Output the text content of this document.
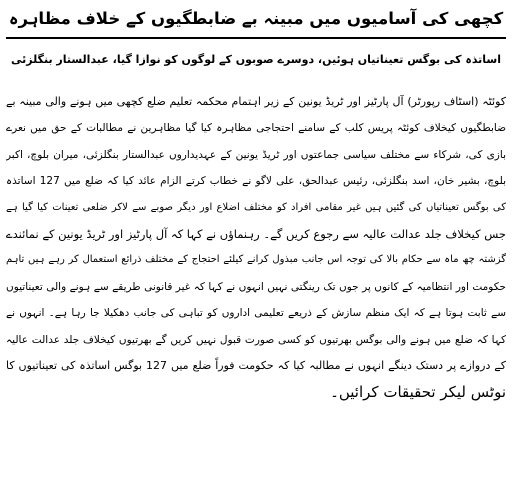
کچھی کی آسامیوں میں مبینہ بے ضابطگیوں کے خلاف مظاہرہ
اساتذہ کی بوگس تعیناتیاں ہوئیں، دوسرے صوبوں کے لوگوں کو نوازا گیا، عبدالستار بنگلزئی
کوئٹہ (اسٹاف رپورٹر) آل پارٹیز اور ٹریڈ یونین کے زیر اہتمام محکمہ تعلیم ضلع کچھی میں ہونے والی مبینہ بے
ضابطگیوں کیخلاف کوئٹہ پریس کلب کے سامنے احتجاجی مظاہرہ کیا گیا مظاہرین نے مطالبات کے حق میں نعرے
بازی کی، شرکاء سے مختلف سیاسی جماعتوں اور ٹریڈ یونین کے عہدیداروں عبدالستار بنگلزئی، میران بلوچ، اکبر
بلوچ، بشیر خان، اسد بنگلزئی، رئیس عبدالحق، علی لاگو نے خطاب کرتے الزام عائد کیا کہ ضلع میں 127 اساتذہ
کی بوگس تعیناتیاں کی گئیں ہیں غیر مقامی افراد کو مختلف اضلاع اور دیگر صوبے سے لاکر ضلعی تعینات کیا گیا ہے
جس کیخلاف جلد عدالت عالیہ سے رجوع کریں گے۔ رہنماؤں نے کہا کہ آل پارٹیز اور ٹریڈ یونین کے نمائندے
گزشتہ چھ ماہ سے حکام بالا کی توجہ اس جانب مبذول کرانے کیلئے احتجاج کے مختلف ذرائع استعمال کر رہے ہیں تاہم
حکومت اور انتظامیہ کے کانوں پر جوں تک رینگتی نہیں انہوں نے کہا کہ غیر قانونی طریقے سے ہونے والی تعیناتیوں
سے ثابت ہوتا ہے کہ ایک منظم سازش کے ذریعے تعلیمی اداروں کو تباہی کی جانب دھکیلا جا رہا ہے۔ انہوں نے
کہا کہ ضلع میں ہونے والی بوگس بھرتیوں کو کسی صورت قبول نہیں کریں گے بھرتیوں کیخلاف جلد عدالت عالیہ
کے دروازے پر دستک دینگے انہوں نے مطالبہ کیا کہ حکومت فوراً ضلع میں 127 بوگس اساتذہ کی تعیناتیوں کا
نوٹس لیکر تحقیقات کرائیں۔
